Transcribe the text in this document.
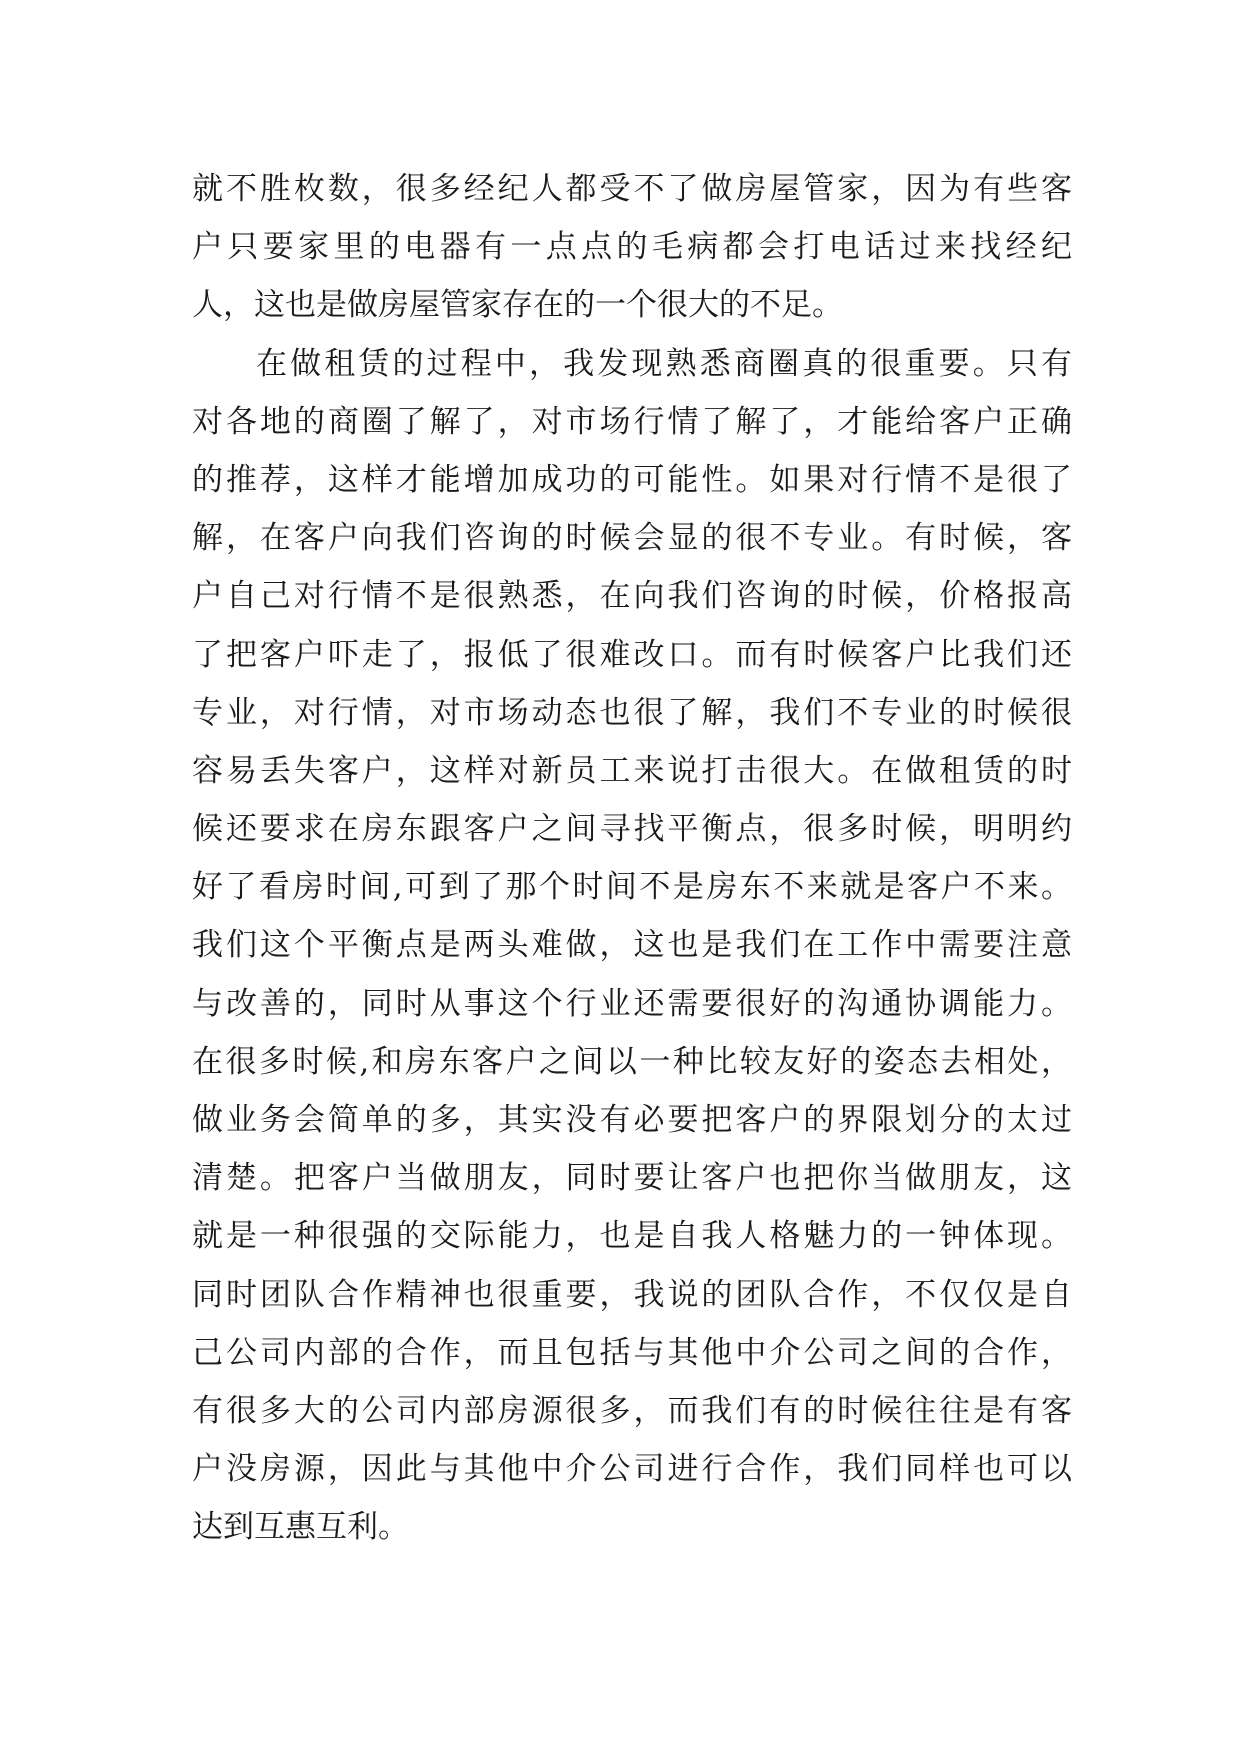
就不胜枚数，很多经纪人都受不了做房屋管家，因为有些客
户只要家里的电器有一点点的毛病都会打电话过来找经纪
人，这也是做房屋管家存在的一个很大的不足。
在做租赁的过程中，我发现熟悉商圈真的很重要。只有
对各地的商圈了解了，对市场行情了解了，才能给客户正确
的推荐，这样才能增加成功的可能性。如果对行情不是很了
解，在客户向我们咨询的时候会显的很不专业。有时候，客
户自己对行情不是很熟悉，在向我们咨询的时候，价格报高
了把客户吓走了，报低了很难改口。而有时候客户比我们还
专业，对行情，对市场动态也很了解，我们不专业的时候很
容易丢失客户，这样对新员工来说打击很大。在做租赁的时
候还要求在房东跟客户之间寻找平衡点，很多时候，明明约
好了看房时间,可到了那个时间不是房东不来就是客户不来。
我们这个平衡点是两头难做，这也是我们在工作中需要注意
与改善的，同时从事这个行业还需要很好的沟通协调能力。
在很多时候,和房东客户之间以一种比较友好的姿态去相处，
做业务会简单的多，其实没有必要把客户的界限划分的太过
清楚。把客户当做朋友，同时要让客户也把你当做朋友，这
就是一种很强的交际能力，也是自我人格魅力的一钟体现。
同时团队合作精神也很重要，我说的团队合作，不仅仅是自
己公司内部的合作，而且包括与其他中介公司之间的合作，
有很多大的公司内部房源很多，而我们有的时候往往是有客
户没房源，因此与其他中介公司进行合作，我们同样也可以
达到互惠互利。
